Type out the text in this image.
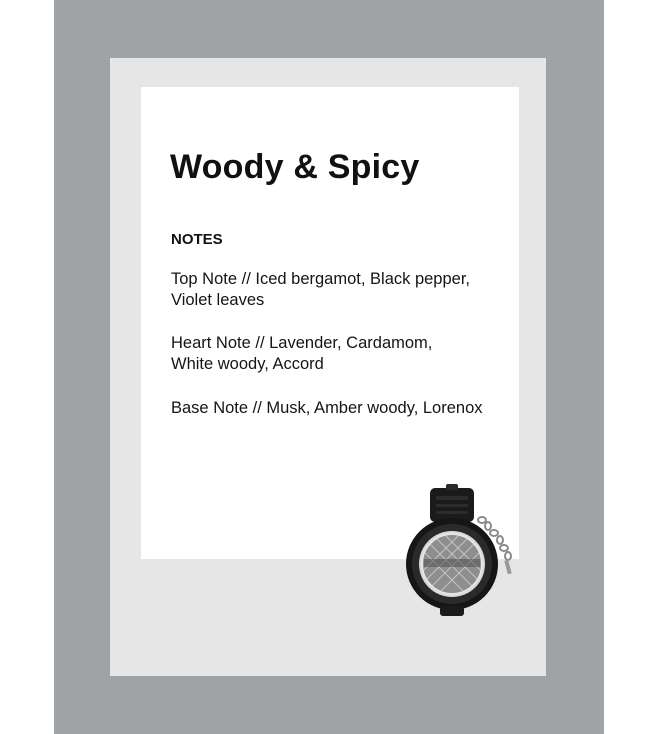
Woody & Spicy
NOTES
Top Note // Iced bergamot, Black pepper, Violet leaves
Heart Note // Lavender, Cardamom, White woody, Accord
Base Note // Musk, Amber woody, Lorenox
